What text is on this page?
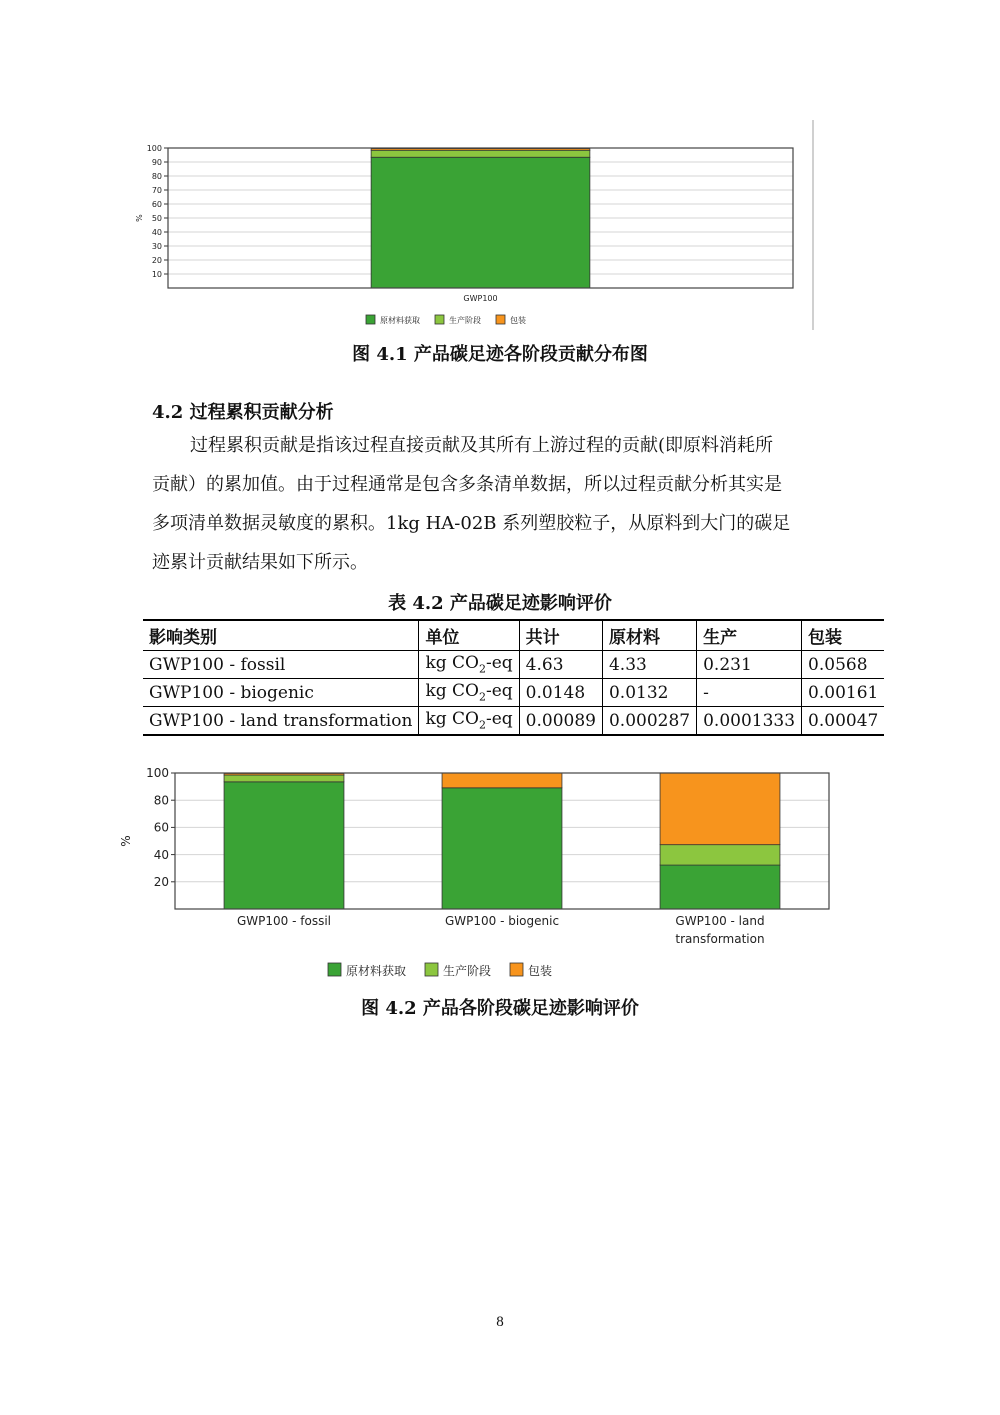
10
20
30
40
50
60
70
80
90
100
%
GWP100
原材料获取	生产阶段	包装
图 4.1 产品碳足迹各阶段贡献分布图
4.2 过程累积贡献分析
过程累积贡献是指该过程直接贡献及其所有上游过程的贡献(即原料消耗所
贡献）的累加值。由于过程通常是包含多条清单数据，所以过程贡献分析其实是
多项清单数据灵敏度的累积。1kg HA-02B 系列塑胶粒子，从原料到大门的碳足
迹累计贡献结果如下所示。
表 4.2 产品碳足迹影响评价
影响类别	单位	共计	原材料	生产	包装
GWP100 - fossil	kg $CO_2-eq$	4.63	4.33	0.231	0.0568
GWP100 - biogenic	kg $CO_2-eq$	0.0148	0.0132	-	0.00161
GWP100 - land transformation	kg $CO_2-eq$	0.00089	0.000287	0.0001333	0.00047
20
40
60
80
100
%
GWP100 - fossil	GWP100 - biogenic	GWP100 - land transformation
原材料获取	生产阶段	包装
图 4.2 产品各阶段碳足迹影响评价
8
